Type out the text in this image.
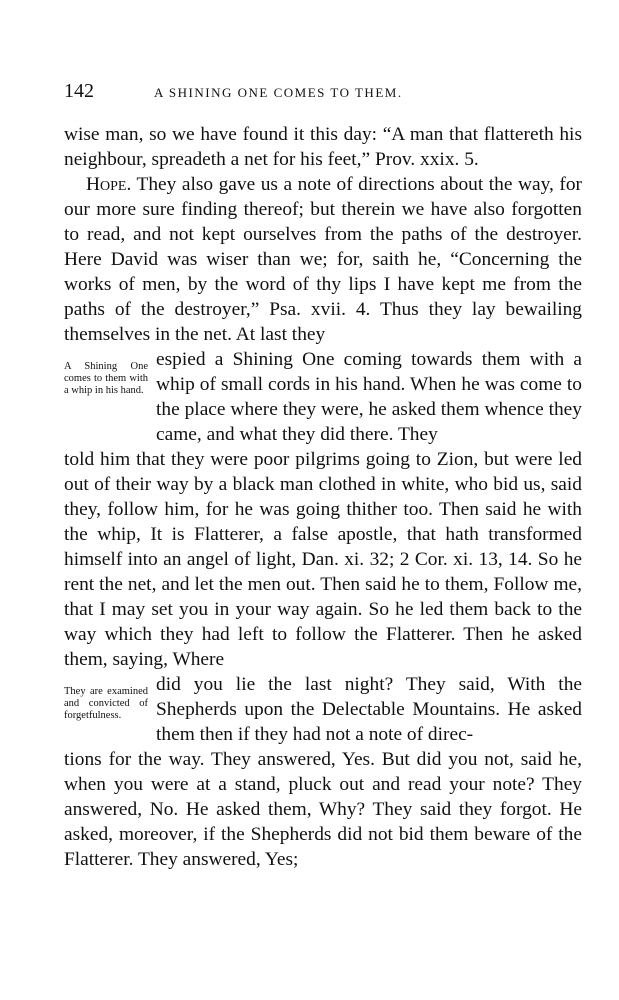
142	A SHINING ONE COMES TO THEM.

wise man, so we have found it this day: “A man that flattereth his neighbour, spreadeth a net for his feet,” Prov. xxix. 5.

Hope. They also gave us a note of directions about the way, for our more sure finding thereof; but therein we have also forgotten to read, and not kept ourselves from the paths of the destroyer. Here David was wiser than we; for, saith he, “Concerning the works of men, by the word of thy lips I have kept me from the paths of the destroyer,” Psa. xvii. 4. Thus they lay bewailing themselves in the net. At last they

A Shining One comes to them with a whip in his hand.
espied a Shining One coming towards them with a whip of small cords in his hand. When he was come to the place where they were, he asked them whence they came, and what they did there. They

told him that they were poor pilgrims going to Zion, but were led out of their way by a black man clothed in white, who bid us, said they, follow him, for he was going thither too. Then said he with the whip, It is Flatterer, a false apostle, that hath transformed himself into an angel of light, Dan. xi. 32; 2 Cor. xi. 13, 14. So he rent the net, and let the men out. Then said he to them, Follow me, that I may set you in your way again. So he led them back to the way which they had left to follow the Flatterer. Then he asked them, saying, Where

They are examined and convicted of forgetfulness.
did you lie the last night? They said, With the Shepherds upon the Delectable Mountains. He asked them then if they had not a note of direc-

tions for the way. They answered, Yes. But did you not, said he, when you were at a stand, pluck out and read your note? They answered, No. He asked them, Why? They said they forgot. He asked, moreover, if the Shepherds did not bid them beware of the Flatterer. They answered, Yes;
